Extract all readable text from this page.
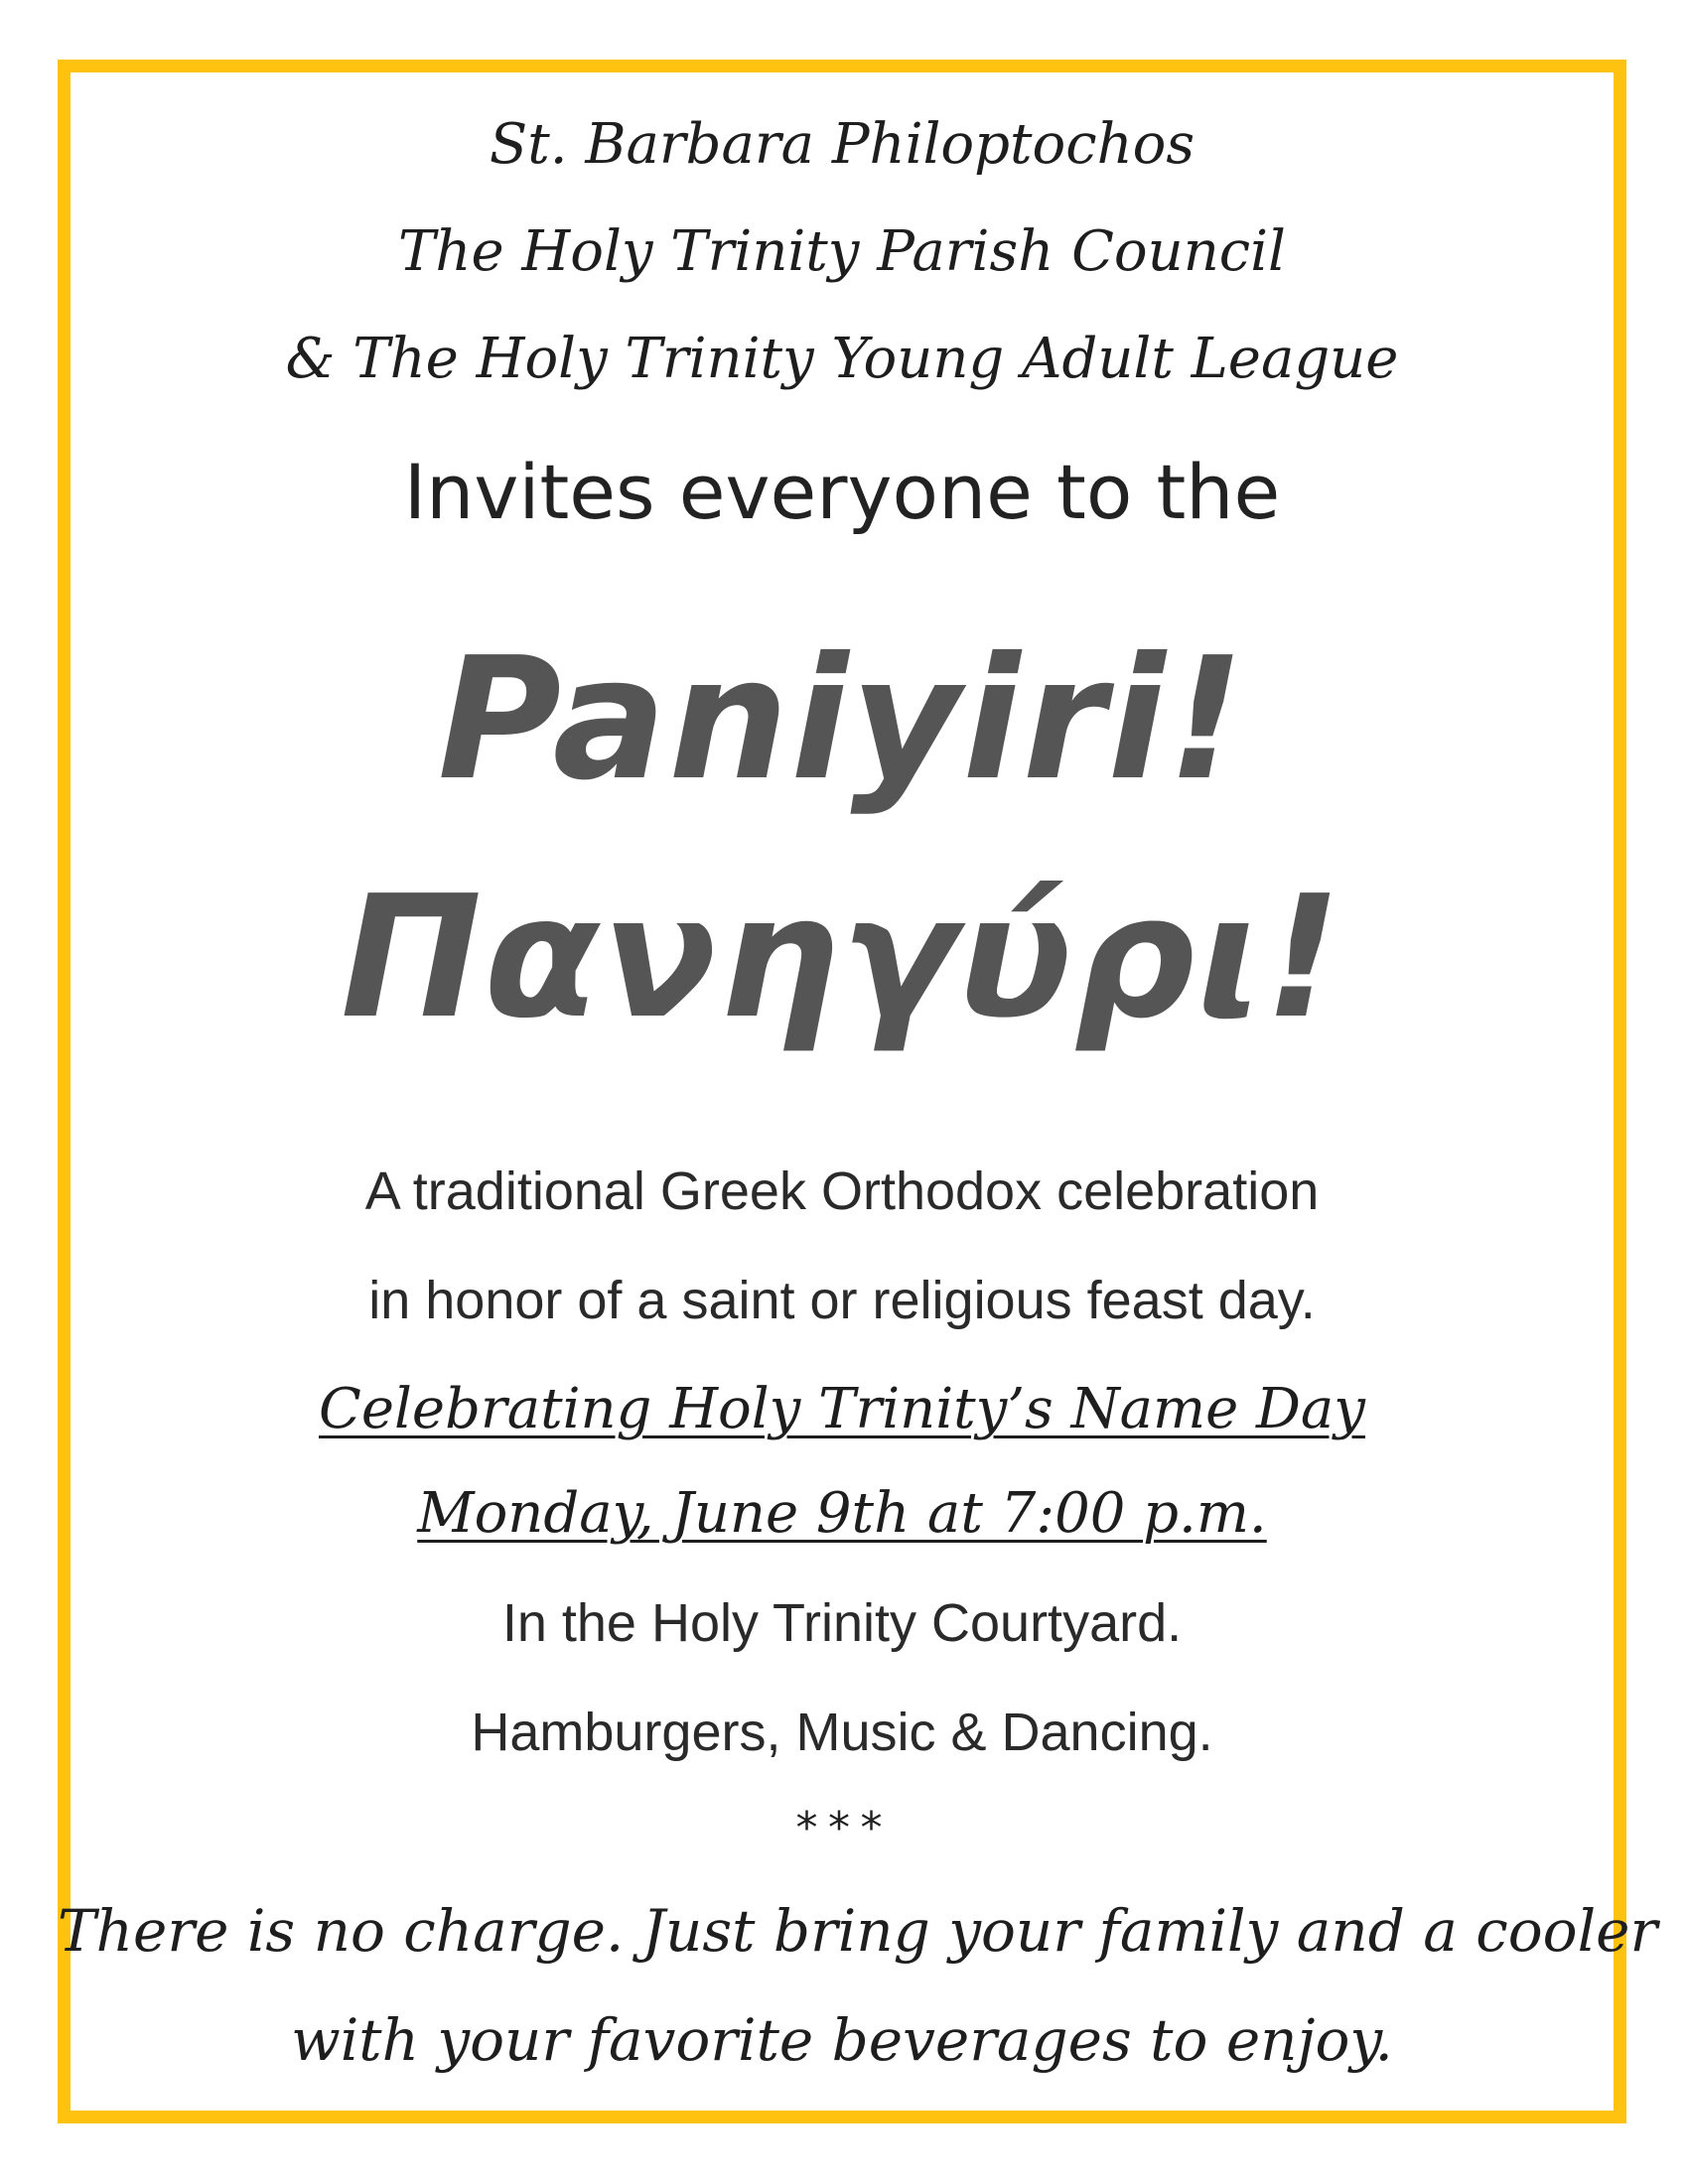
St. Barbara Philoptochos

The Holy Trinity Parish Council

& The Holy Trinity Young Adult League

Invites everyone to the

Paniyiri!

Πανηγύρι!

A traditional Greek Orthodox celebration

in honor of a saint or religious feast day.

Celebrating Holy Trinity’s Name Day

Monday, June 9th at 7:00 p.m.

In the Holy Trinity Courtyard.

Hamburgers, Music & Dancing.

***

There is no charge. Just bring your family and a cooler

with your favorite beverages to enjoy.
